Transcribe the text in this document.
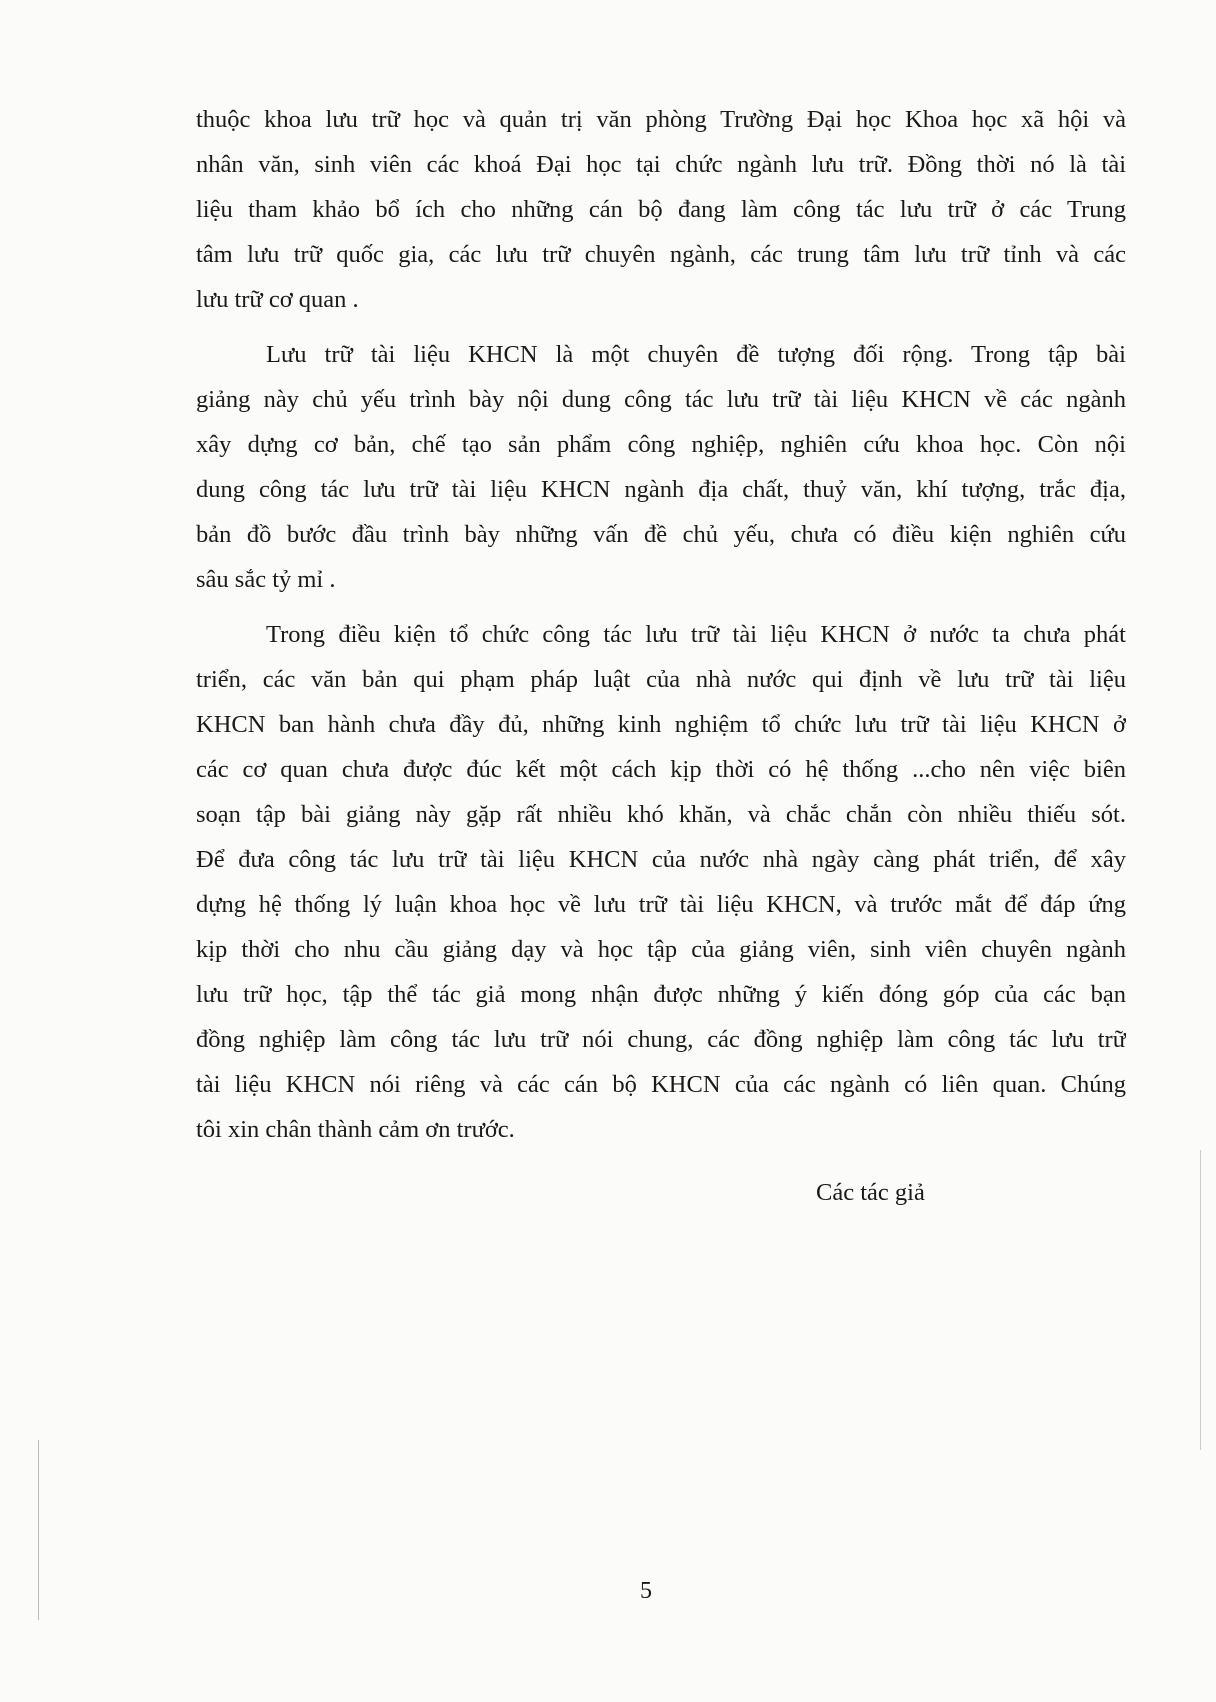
thuộc khoa lưu trữ học và quản trị văn phòng Trường Đại học Khoa học xã hội và
nhân văn, sinh viên các khoá Đại học tại chức ngành lưu trữ. Đồng thời nó là tài
liệu tham khảo bổ ích cho những cán bộ đang làm công tác lưu trữ ở các Trung
tâm lưu trữ quốc gia, các lưu trữ chuyên ngành, các trung tâm lưu trữ tỉnh và các
lưu trữ cơ quan .
Lưu trữ tài liệu KHCN là một chuyên đề tượng đối rộng. Trong tập bài
giảng này chủ yếu trình bày nội dung công tác lưu trữ tài liệu KHCN về các ngành
xây dựng cơ bản, chế tạo sản phẩm công nghiệp, nghiên cứu khoa học. Còn nội
dung công tác lưu trữ tài liệu KHCN ngành địa chất, thuỷ văn, khí tượng, trắc địa,
bản đồ bước đầu trình bày những vấn đề chủ yếu, chưa có điều kiện nghiên cứu
sâu sắc tỷ mỉ .
Trong điều kiện tổ chức công tác lưu trữ tài liệu KHCN ở nước ta chưa phát
triển, các văn bản qui phạm pháp luật của nhà nước qui định về lưu trữ tài liệu
KHCN ban hành chưa đầy đủ, những kinh nghiệm tổ chức lưu trữ tài liệu KHCN ở
các cơ quan chưa được đúc kết một cách kịp thời có hệ thống ...cho nên việc biên
soạn tập bài giảng này gặp rất nhiều khó khăn, và chắc chắn còn nhiều thiếu sót.
Để đưa công tác lưu trữ tài liệu KHCN của nước nhà ngày càng phát triển, để xây
dựng hệ thống lý luận khoa học về lưu trữ tài liệu KHCN, và trước mắt để đáp ứng
kịp thời cho nhu cầu giảng dạy và học tập của giảng viên, sinh viên chuyên ngành
lưu trữ học, tập thể tác giả mong nhận được những ý kiến đóng góp của các bạn
đồng nghiệp làm công tác lưu trữ nói chung, các đồng nghiệp làm công tác lưu trữ
tài liệu KHCN nói riêng và các cán bộ KHCN của các ngành có liên quan. Chúng
tôi xin chân thành cảm ơn trước.
Các tác giả
5
